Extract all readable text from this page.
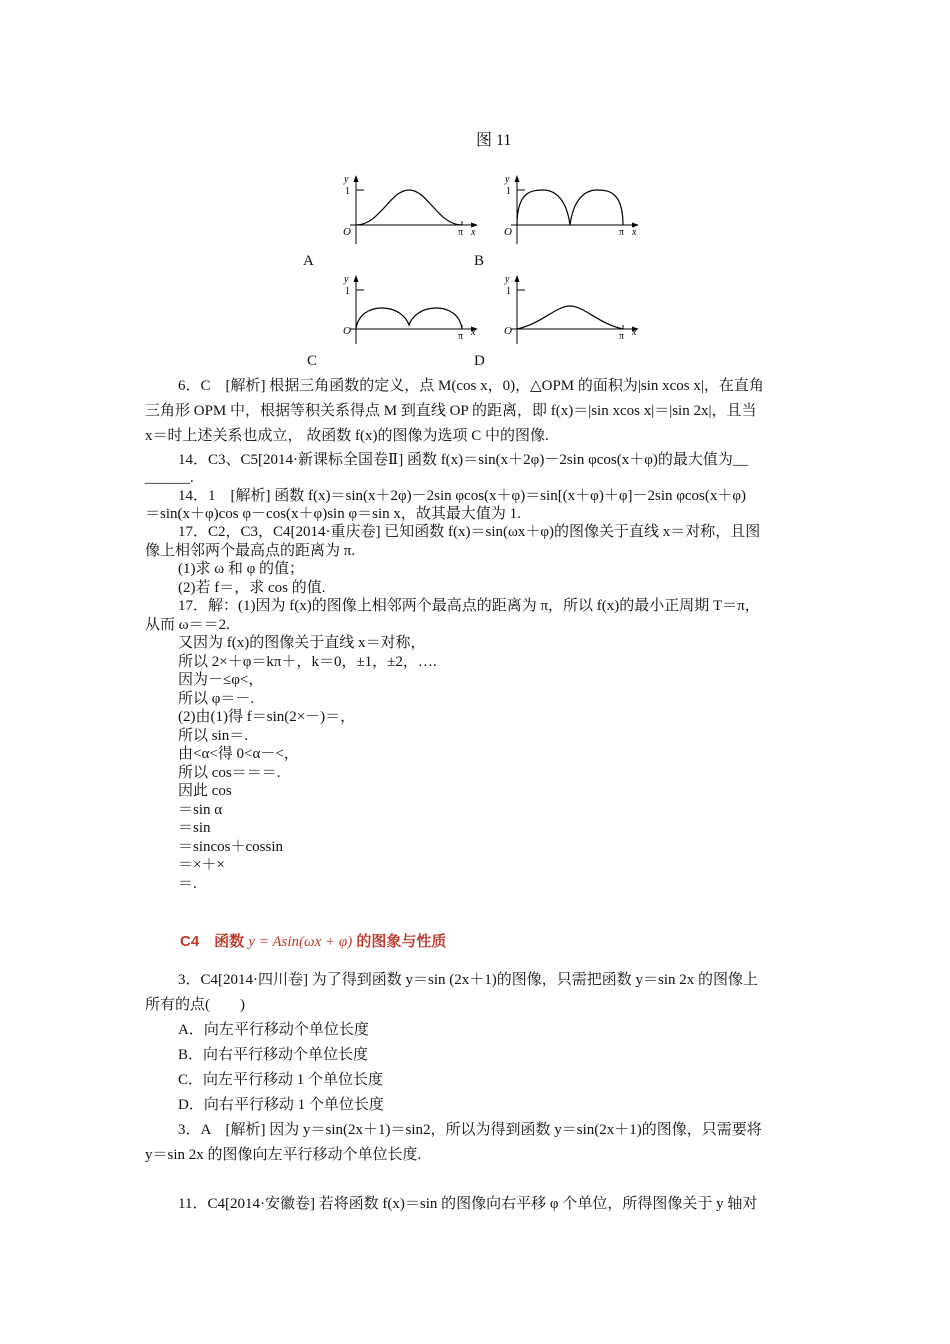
图 11
y
1
O	π x
A
y
1
O	π x
B
y
1
O	π x
C
y
1
O	π x
D
6．C　[解析] 根据三角函数的定义，点 M(cos x，0)，△OPM 的面积为|sin xcos x|，在直角
三角形 OPM 中，根据等积关系得点 M 到直线 OP 的距离，即 f(x)＝|sin xcos x|＝|sin 2x|，且当
x＝时上述关系也成立， 故函数 f(x)的图像为选项 C 中的图像.
14．C3、C5[2014·新课标全国卷Ⅱ] 函数 f(x)＝sin(x＋2φ)－2sin φcos(x＋φ)的最大值为__
______.
14．1　[解析] 函数 f(x)＝sin(x＋2φ)－2sin φcos(x＋φ)＝sin[(x＋φ)＋φ]－2sin φcos(x＋φ)
＝sin(x＋φ)cos φ－cos(x＋φ)sin φ＝sin x，故其最大值为 1.
17．C2，C3，C4[2014·重庆卷] 已知函数 f(x)＝sin(ωx＋φ)的图像关于直线 x＝对称，且图
像上相邻两个最高点的距离为 π.
(1)求 ω 和 φ 的值；
(2)若 f＝，求 cos 的值.
17．解：(1)因为 f(x)的图像上相邻两个最高点的距离为 π，所以 f(x)的最小正周期 T＝π，
从而 ω＝＝2.
又因为 f(x)的图像关于直线 x＝对称，
所以 2×＋φ＝kπ＋，k＝0，±1，±2，….
因为－≤φ<，
所以 φ＝－.
(2)由(1)得 f＝sin(2×－)＝，
所以 sin＝.
由<α<得 0<α－<，
所以 cos＝＝＝.
因此 cos
＝sin α
＝sin
＝sincos＋cossin
＝×＋×
＝.
C4　函数 y = Asin(ωx + φ) 的图象与性质
3．C4[2014·四川卷] 为了得到函数 y＝sin (2x＋1)的图像，只需把函数 y＝sin 2x 的图像上
所有的点(　　)
A．向左平行移动个单位长度
B．向右平行移动个单位长度
C．向左平行移动 1 个单位长度
D．向右平行移动 1 个单位长度
3．A　[解析] 因为 y＝sin(2x＋1)＝sin2，所以为得到函数 y＝sin(2x＋1)的图像，只需要将
y＝sin 2x 的图像向左平行移动个单位长度.
11．C4[2014·安徽卷] 若将函数 f(x)＝sin 的图像向右平移 φ 个单位，所得图像关于 y 轴对
